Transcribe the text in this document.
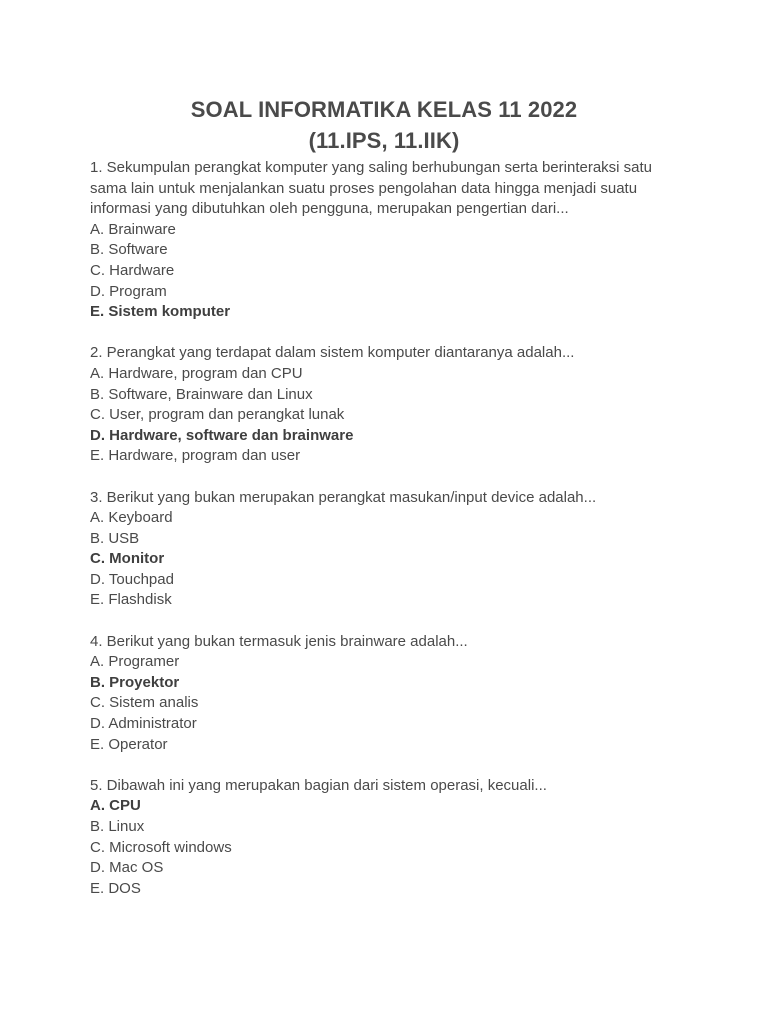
SOAL INFORMATIKA KELAS 11 2022
(11.IPS, 11.IIK)

1. Sekumpulan perangkat komputer yang saling berhubungan serta berinteraksi satu sama lain untuk menjalankan suatu proses pengolahan data hingga menjadi suatu informasi yang dibutuhkan oleh pengguna, merupakan pengertian dari...

A. Brainware

B. Software

C. Hardware

D. Program

E. Sistem komputer

2. Perangkat yang terdapat dalam sistem komputer diantaranya adalah...

A. Hardware, program dan CPU

B. Software, Brainware dan Linux

C. User, program dan perangkat lunak

D. Hardware, software dan brainware

E. Hardware, program dan user

3. Berikut yang bukan merupakan perangkat masukan/input device adalah...

A. Keyboard

B. USB

C. Monitor

D. Touchpad

E. Flashdisk

4. Berikut yang bukan termasuk jenis brainware adalah...

A. Programer

B. Proyektor

C. Sistem analis

D. Administrator

E. Operator

5. Dibawah ini yang merupakan bagian dari sistem operasi, kecuali...

A. CPU

B. Linux

C. Microsoft windows

D. Mac OS

E. DOS
